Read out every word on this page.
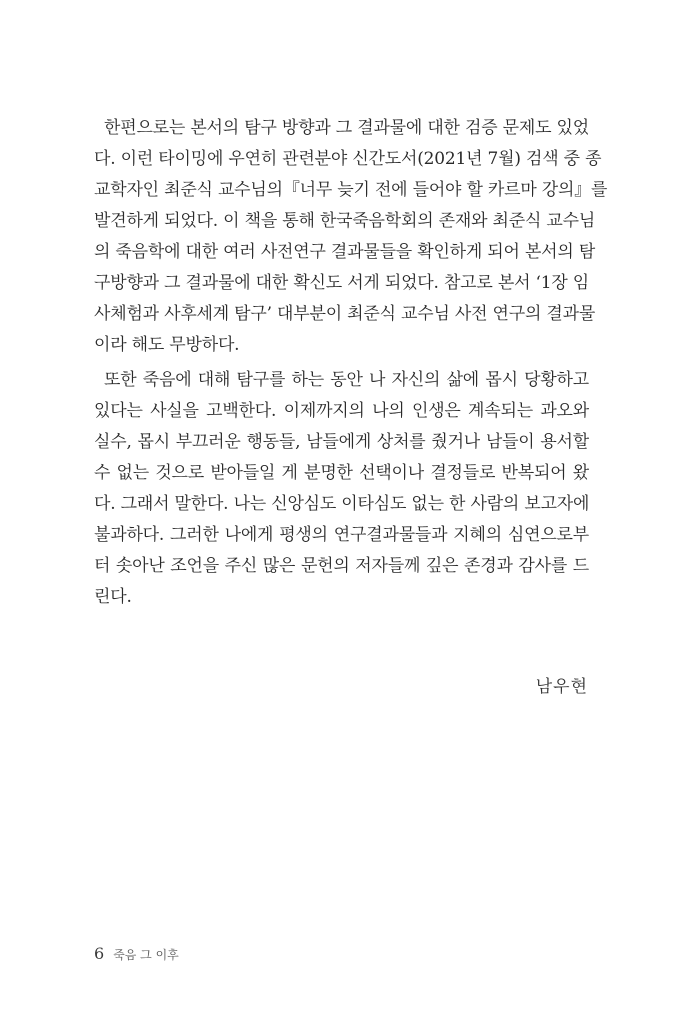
한편으로는 본서의 탐구 방향과 그 결과물에 대한 검증 문제도 있었
다. 이런 타이밍에 우연히 관련분야 신간도서(2021년 7월) 검색 중 종
교학자인 최준식 교수님의『너무 늦기 전에 들어야 할 카르마 강의』를
발견하게 되었다. 이 책을 통해 한국죽음학회의 존재와 최준식 교수님
의 죽음학에 대한 여러 사전연구 결과물들을 확인하게 되어 본서의 탐
구방향과 그 결과물에 대한 확신도 서게 되었다. 참고로 본서 ‘1장 임
사체험과 사후세계 탐구’ 대부분이 최준식 교수님 사전 연구의 결과물
이라 해도 무방하다.
또한 죽음에 대해 탐구를 하는 동안 나 자신의 삶에 몹시 당황하고
있다는 사실을 고백한다. 이제까지의 나의 인생은 계속되는 과오와
실수, 몹시 부끄러운 행동들, 남들에게 상처를 줬거나 남들이 용서할
수 없는 것으로 받아들일 게 분명한 선택이나 결정들로 반복되어 왔
다. 그래서 말한다. 나는 신앙심도 이타심도 없는 한 사람의 보고자에
불과하다. 그러한 나에게 평생의 연구결과물들과 지혜의 심연으로부
터 솟아난 조언을 주신 많은 문헌의 저자들께 깊은 존경과 감사를 드
린다.
남우현
6 죽음 그 이후
